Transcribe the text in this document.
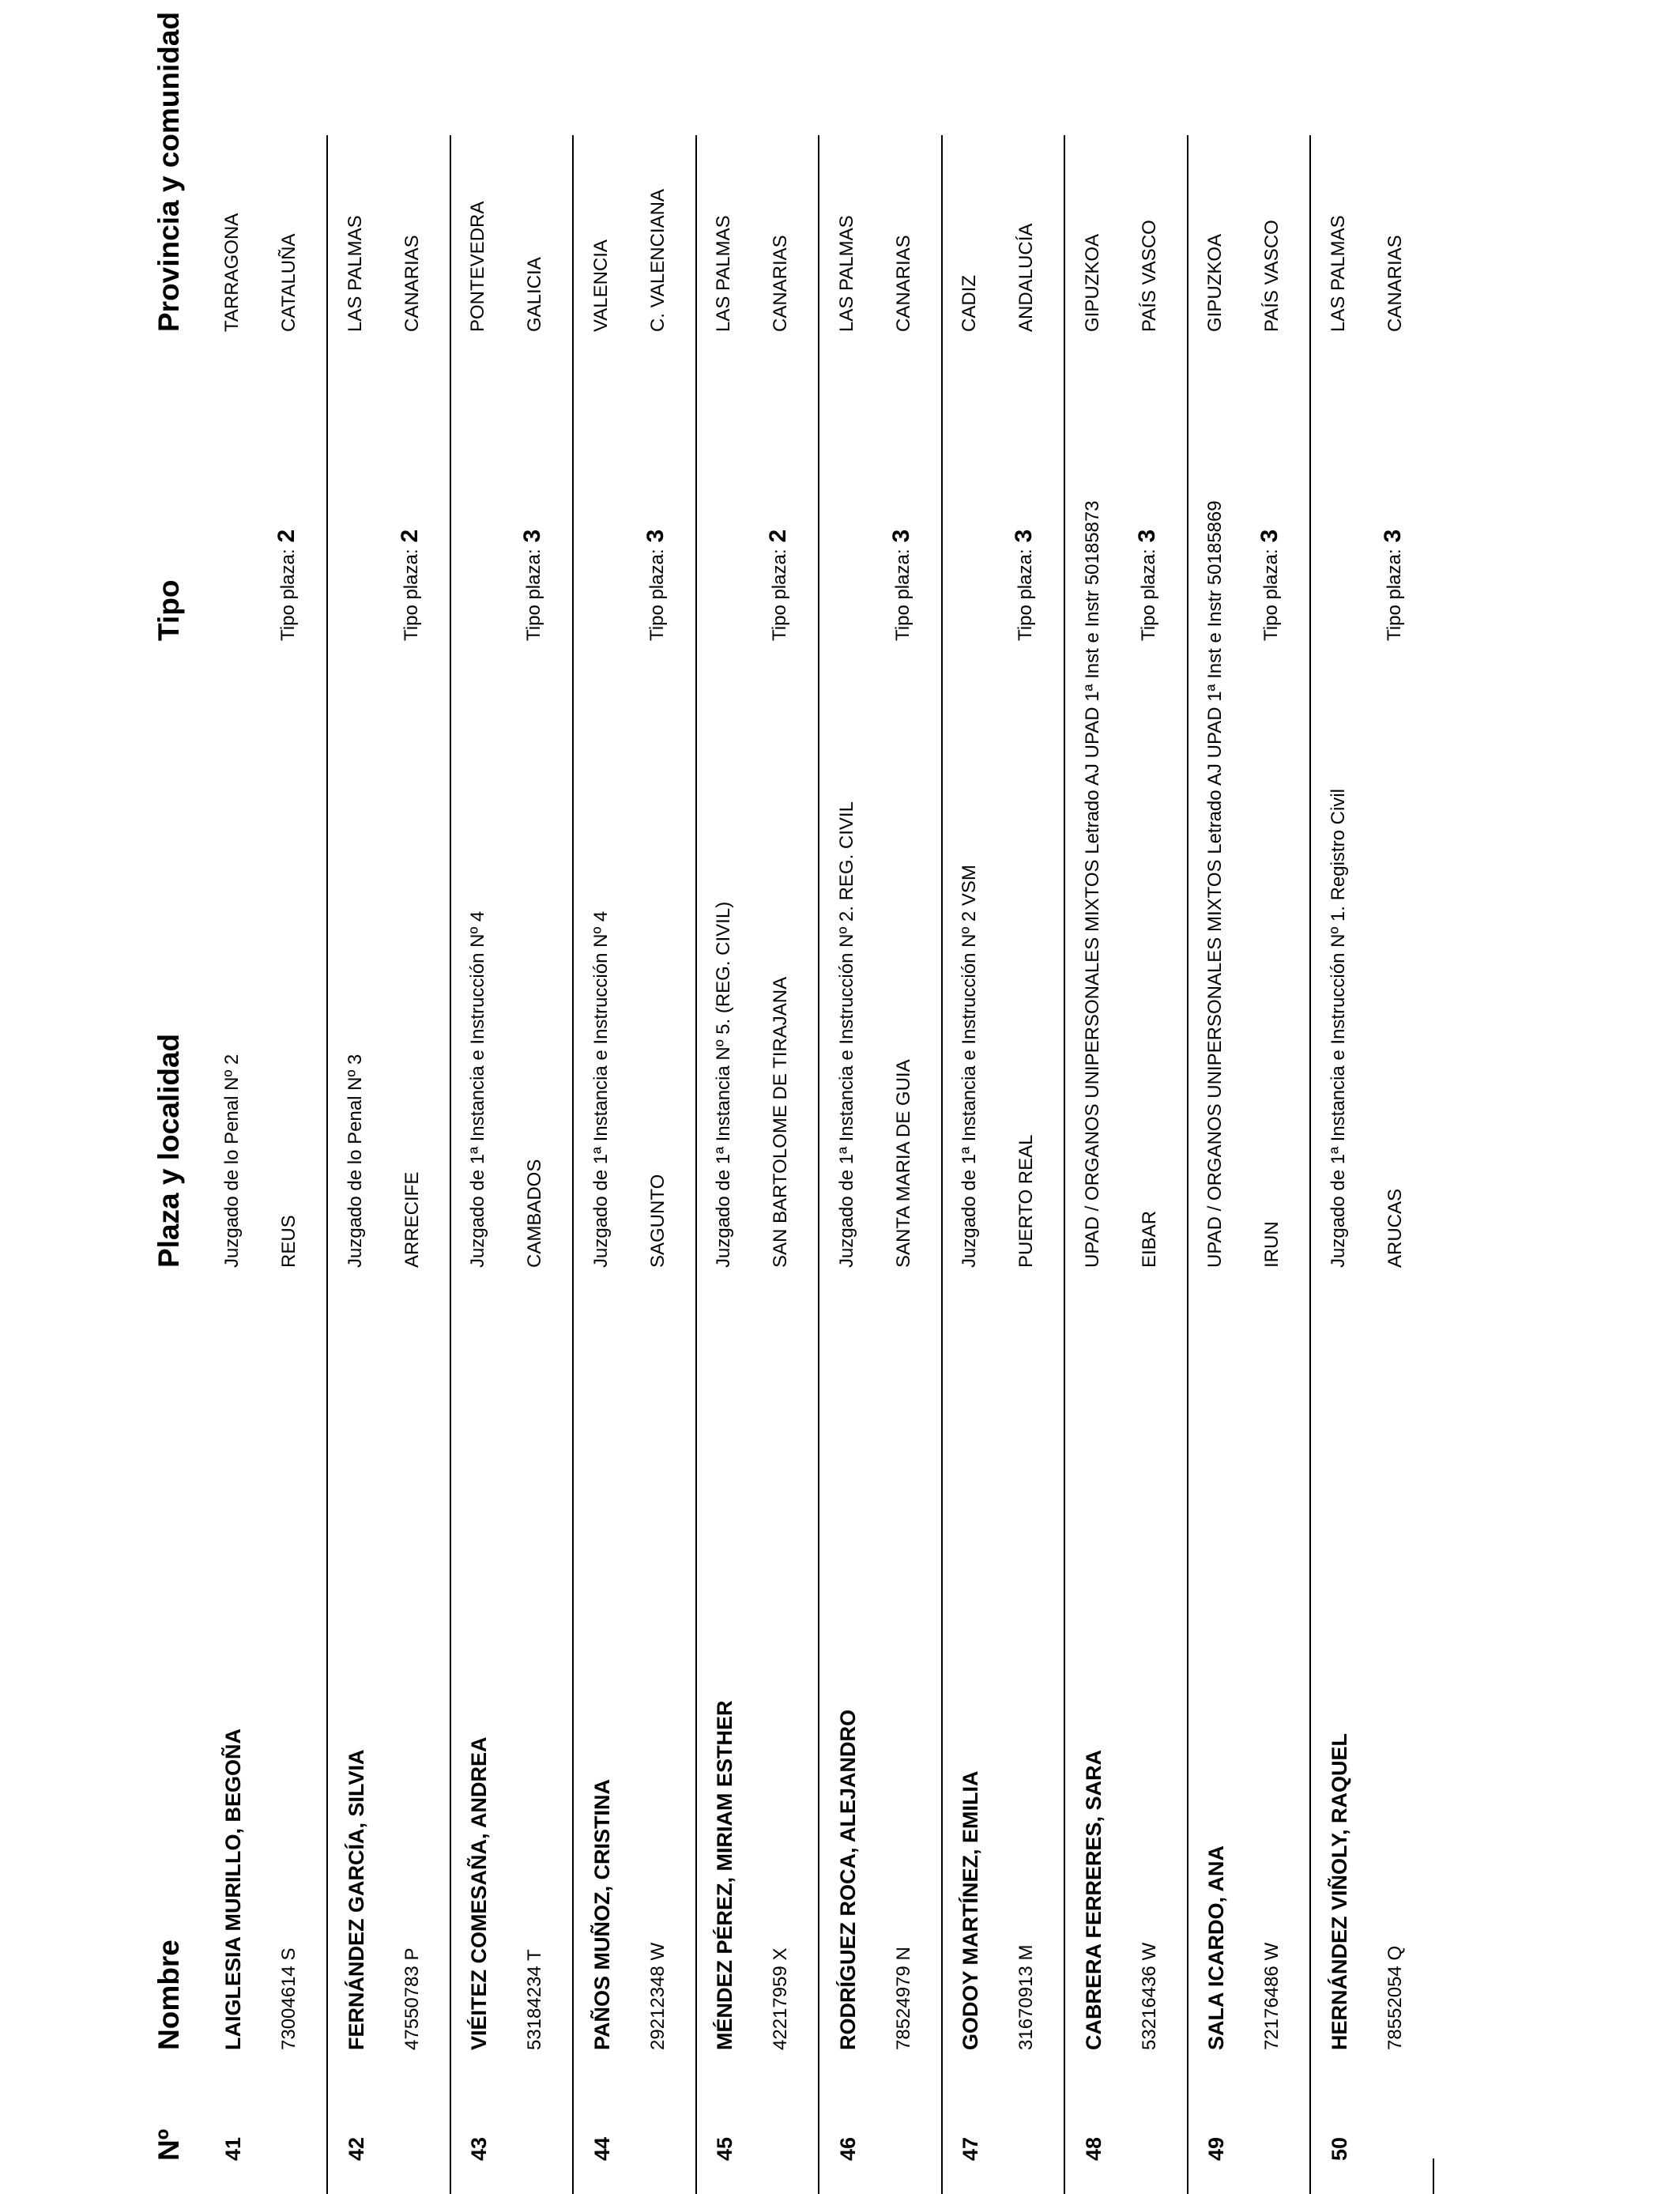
Nº
Nombre
Plaza y localidad
Tipo
Provincia y comunidad
41
LAIGLESIA MURILLO, BEGOÑA
Juzgado de lo Penal Nº 2
TARRAGONA
73004614 S
REUS
CATALUÑA
Tipo plaza:2
42
FERNÁNDEZ GARCÍA, SILVIA
Juzgado de lo Penal Nº 3
LAS PALMAS
47550783 P
ARRECIFE
CANARIAS
Tipo plaza:2
43
VIÉITEZ COMESAÑA, ANDREA
Juzgado de 1ª Instancia e Instrucción Nº 4
PONTEVEDRA
53184234 T
CAMBADOS
GALICIA
Tipo plaza:3
44
PAÑOS MUÑOZ, CRISTINA
Juzgado de 1ª Instancia e Instrucción Nº 4
VALENCIA
29212348 W
SAGUNTO
C. VALENCIANA
Tipo plaza:3
45
MÉNDEZ PÉREZ, MIRIAM ESTHER
Juzgado de 1ª Instancia Nº 5. (REG. CIVIL)
LAS PALMAS
42217959 X
SAN BARTOLOME DE TIRAJANA
CANARIAS
Tipo plaza:2
46
RODRÍGUEZ ROCA, ALEJANDRO
Juzgado de 1ª Instancia e Instrucción Nº 2. REG. CIVIL
LAS PALMAS
78524979 N
SANTA MARIA DE GUIA
CANARIAS
Tipo plaza:3
47
GODOY MARTÍNEZ, EMILIA
Juzgado de 1ª Instancia e Instrucción Nº 2 VSM
CADIZ
31670913 M
PUERTO REAL
ANDALUCÍA
Tipo plaza:3
48
CABRERA FERRERES, SARA
UPAD / ORGANOS UNIPERSONALES MIXTOS Letrado AJ UPAD 1ª Inst e Instr 50185873
GIPUZKOA
53216436 W
EIBAR
PAÍS VASCO
Tipo plaza:3
49
SALA ICARDO, ANA
UPAD / ORGANOS UNIPERSONALES MIXTOS Letrado AJ UPAD 1ª Inst e Instr 50185869
GIPUZKOA
72176486 W
IRUN
PAÍS VASCO
Tipo plaza:3
50
HERNÁNDEZ VIÑOLY, RAQUEL
Juzgado de 1ª Instancia e Instrucción Nº 1. Registro Civil
LAS PALMAS
78552054 Q
ARUCAS
CANARIAS
Tipo plaza:3
